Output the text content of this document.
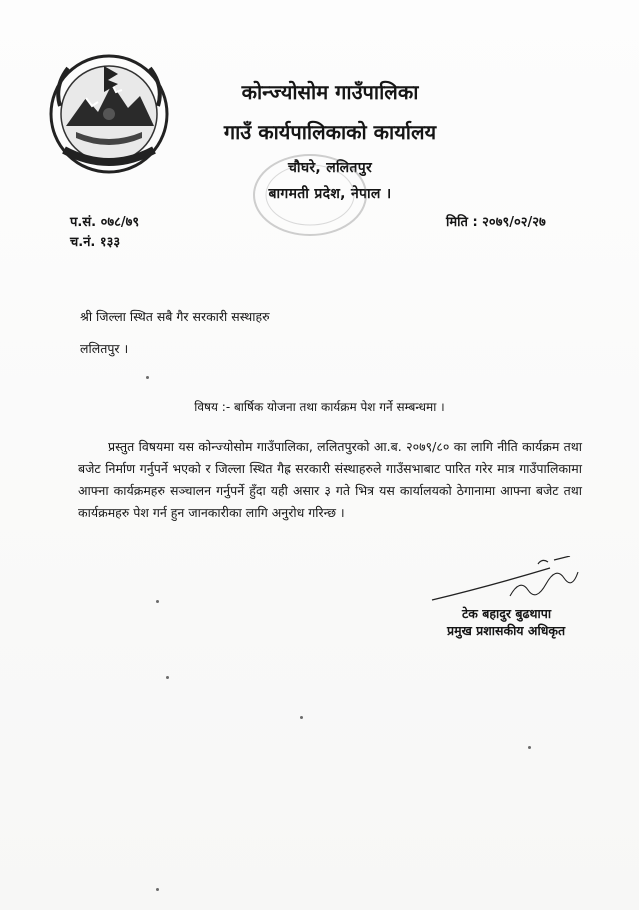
कोन्ज्योसोम गाउँपालिका
गाउँ कार्यपालिकाको कार्यालय
चौघरे, ललितपुर
बागमती प्रदेश, नेपाल ।
प.सं. ०७८/७९
च.नं. १३३
मिति : २०७९/०२/२७
श्री जिल्ला स्थित सबै गैर सरकारी सस्थाहरु
ललितपुर ।
विषय :- बार्षिक योजना तथा कार्यक्रम पेश गर्ने सम्बन्धमा ।
प्रस्तुत विषयमा यस कोन्ज्योसोम गाउँपालिका, ललितपुरको आ.ब. २०७९/८० का लागि नीति कार्यक्रम तथा बजेट निर्माण गर्नुपर्ने भएको र जिल्ला स्थित गैह्र सरकारी संस्थाहरुले गाउँसभाबाट पारित गरेर मात्र गाउँपालिकामा आफ्ना कार्यक्रमहरु सञ्चालन गर्नुपर्ने हुँदा यही असार ३ गते भित्र यस कार्यालयको ठेगानामा आफ्ना बजेट तथा कार्यक्रमहरु पेश गर्न हुन जानकारीका लागि अनुरोध गरिन्छ ।
टेक बहादुर बुढथापा
प्रमुख प्रशासकीय अधिकृत
